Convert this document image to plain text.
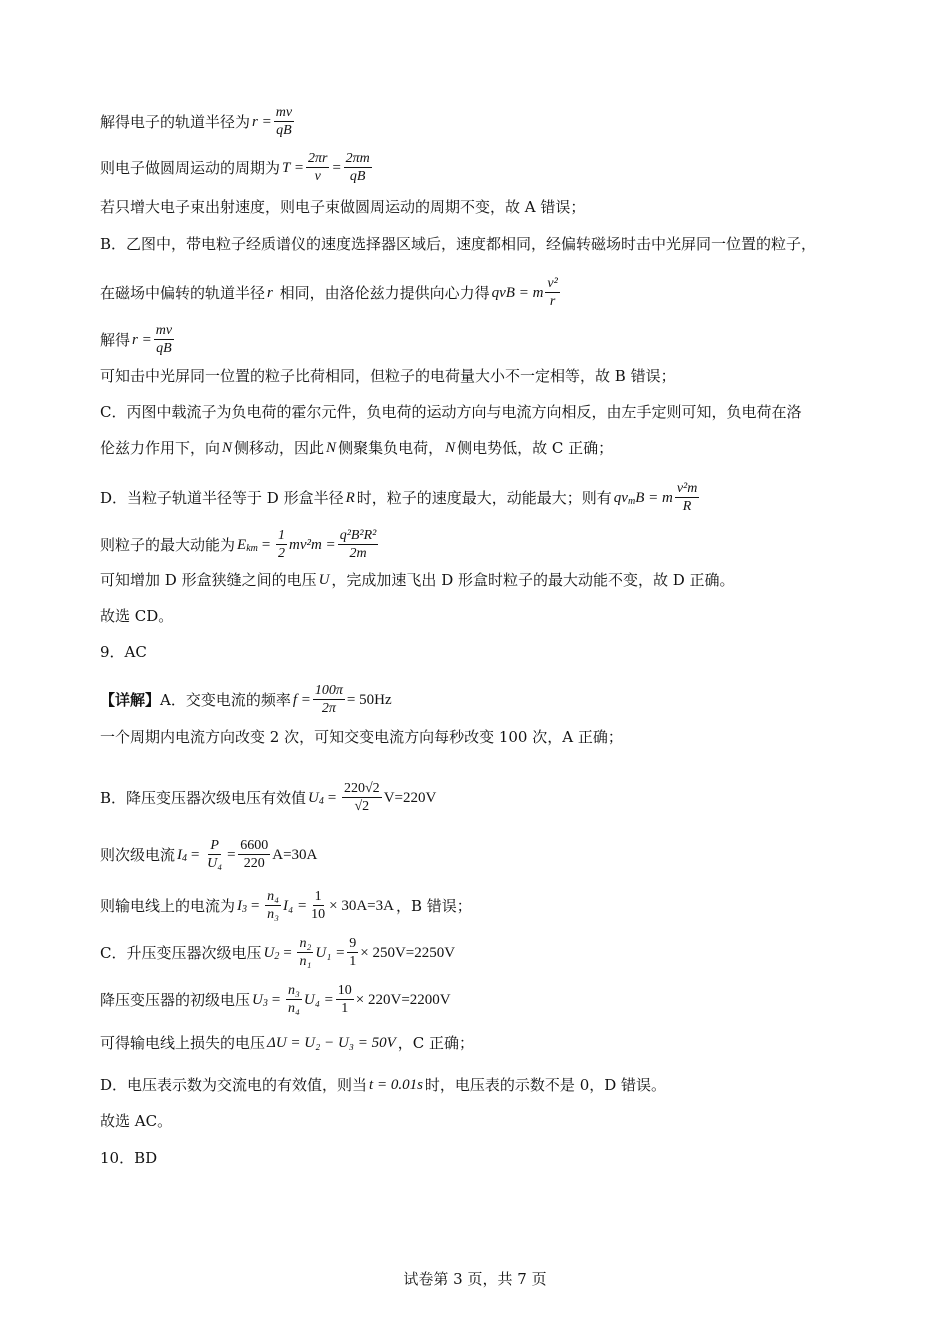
解得电子的轨道半径为 $r = \frac{mv}{qB}$
则电子做圆周运动的周期为 $T = \frac{2\pi r}{v} = \frac{2\pi m}{qB}$
若只增大电子束出射速度，则电子束做圆周运动的周期不变，故 A 错误；
B．乙图中，带电粒子经质谱仪的速度选择器区域后，速度都相同，经偏转磁场时击中光屏同一位置的粒子，
在磁场中偏转的轨道半径 r 相同，由洛伦兹力提供向心力得 qvB = m $\frac{\text{v²}}{r}$
解得 $r = \frac{mv}{qB}$
可知击中光屏同一位置的粒子比荷相同，但粒子的电荷量大小不一定相等，故 B 错误；
C．丙图中载流子为负电荷的霍尔元件，负电荷的运动方向与电流方向相反，由左手定则可知，负电荷在洛
伦兹力作用下，向 N 侧移动，因此 N 侧聚集负电荷， N 侧电势低，故 C 正确；
D．当粒子轨道半径等于 D 形盒半径 R 时，粒子的速度最大，动能最大；则有 qv m B = m $\frac{\text{v²m}}{R}$
则粒子的最大动能为 E km = $\frac{1}{2} mv^2m = \frac{\text{q²B²R²}}{2m}$
可知增加 D 形盒狭缝之间的电压 U ，完成加速飞出 D 形盒时粒子的最大动能不变，故 D 正确。
故选 CD。
9．AC
【详解】 A．交变电流的频率 $f = \frac{100\pi}{2\pi} = 50Hz$
一个周期内电流方向改变 2 次，可知交变电流方向每秒改变 100 次，A 正确；
B．降压变压器次级电压有效值 U $4 = \frac{220√2}{√2} V=220V$
则次级电流 I $4 = \frac{P}{\text{U₄}} = \frac{6600}{220} A=30A$
则输电线上的电流为 I $3 = \frac{\text{n₄}}{\text{n₃}} I_4 = \frac{1}{10} \times 30A=3A$ ，B 错误；
C．升压变压器次级电压 U $2 = \frac{\text{n₂}}{\text{n₁}} U_1 = \frac{9}{1} \times 250V=2250V$
降压变压器的初级电压 U $3 = \frac{\text{n₃}}{\text{n₄}} U_4 = \frac{10}{1} \times 220V=2200V$
可得输电线上损失的电压 ΔU = U₂ − U₃ = 50V ，C 正确；
D．电压表示数为交流电的有效值，则当 t = 0.01s 时，电压表的示数不是 0，D 错误。
故选 AC。
10．BD
试卷第 3 页，共 7 页
